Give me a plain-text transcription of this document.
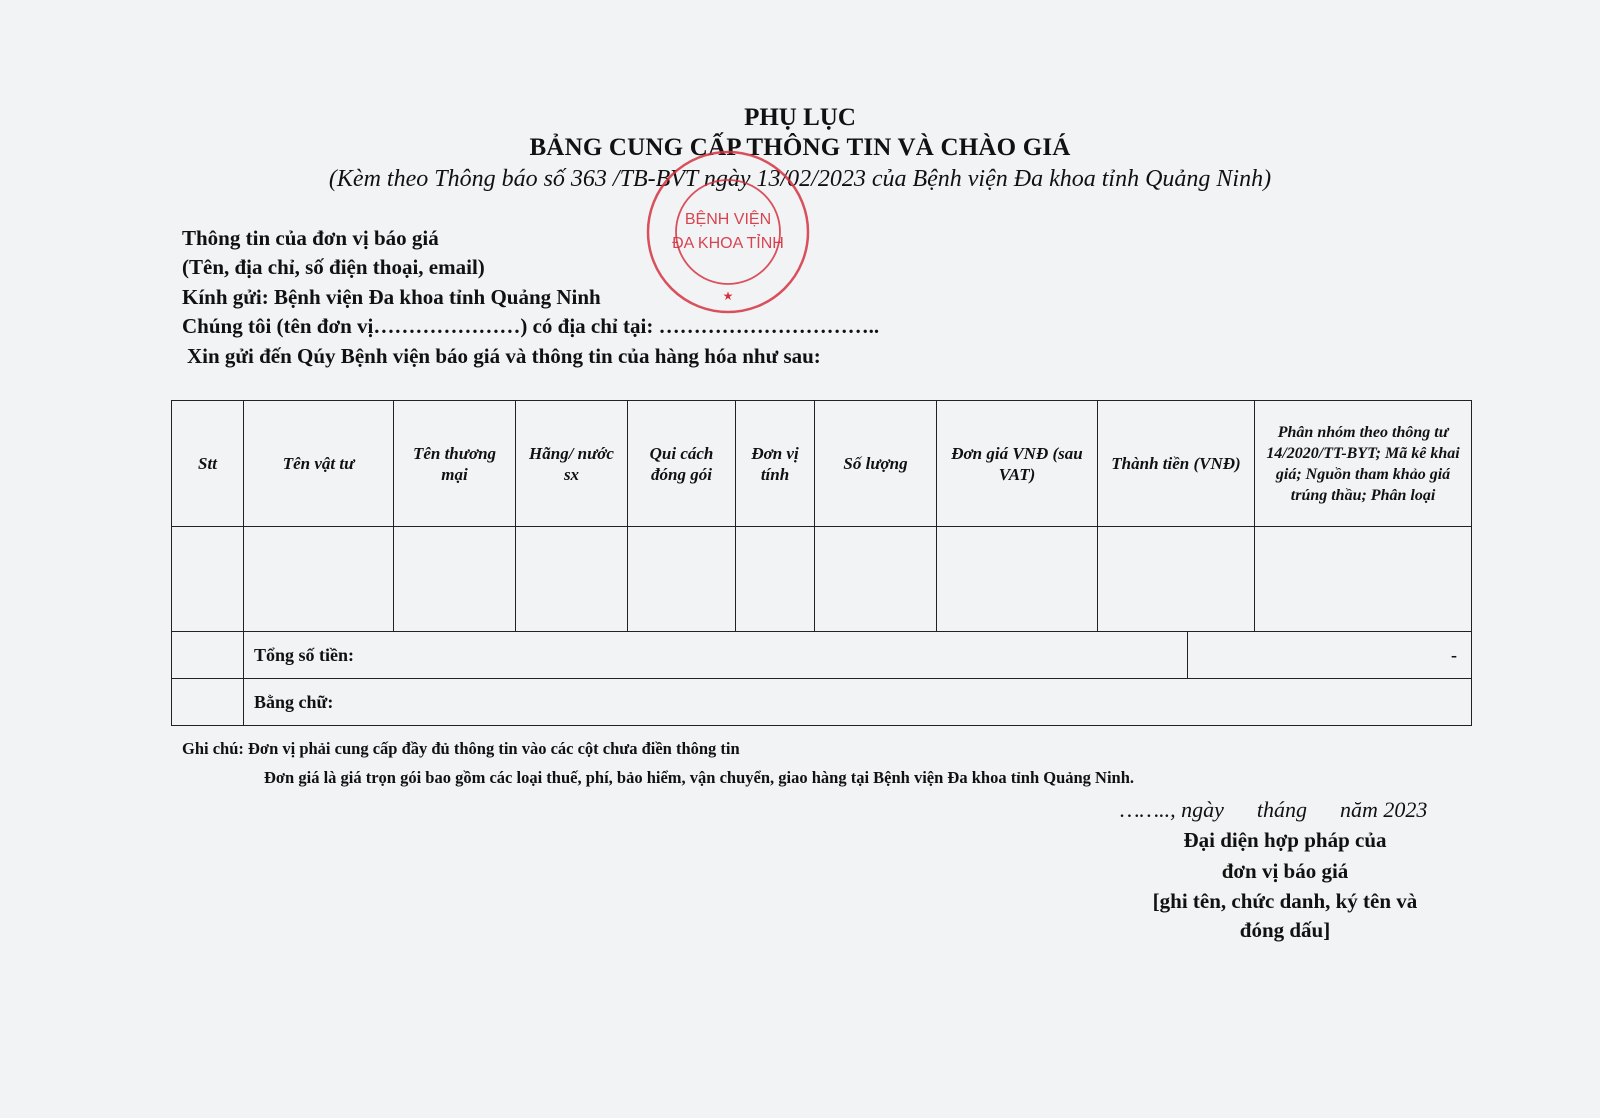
PHỤ LỤC
BẢNG CUNG CẤP THÔNG TIN VÀ CHÀO GIÁ
(Kèm theo Thông báo số 363 /TB-BVT ngày 13/02/2023 của Bệnh viện Đa khoa tỉnh Quảng Ninh)
BỆNH VIỆN
ĐA KHOA TỈNH
★
Thông tin của đơn vị báo giá
(Tên, địa chỉ, số điện thoại, email)
Kính gửi: Bệnh viện Đa khoa tỉnh Quảng Ninh
Chúng tôi (tên đơn vị…………………) có địa chỉ tại: …………………………..
Xin gửi đến Qúy Bệnh viện báo giá và thông tin của hàng hóa như sau:
Stt	Tên vật tư	Tên thương mại	Hãng/ nước sx	Qui cách đóng gói	Đơn vị tính	Số lượng	Đơn giá VNĐ (sau VAT)	Thành tiền (VNĐ)		Phân nhóm theo thông tư 14/2020/TT-BYT; Mã kê khai giá; Nguồn tham khảo giá trúng thầu; Phân loại

	Tổng số tiền:								-	
	Bằng chữ:									
Ghi chú: Đơn vị phải cung cấp đầy đủ thông tin vào các cột chưa điền thông tin
Đơn giá là giá trọn gói bao gồm các loại thuế, phí, bảo hiểm, vận chuyển, giao hàng tại Bệnh viện Đa khoa tỉnh Quảng Ninh.
…….., ngày      tháng      năm 2023
Đại diện hợp pháp của
đơn vị báo giá
[ghi tên, chức danh, ký tên và
đóng dấu]
